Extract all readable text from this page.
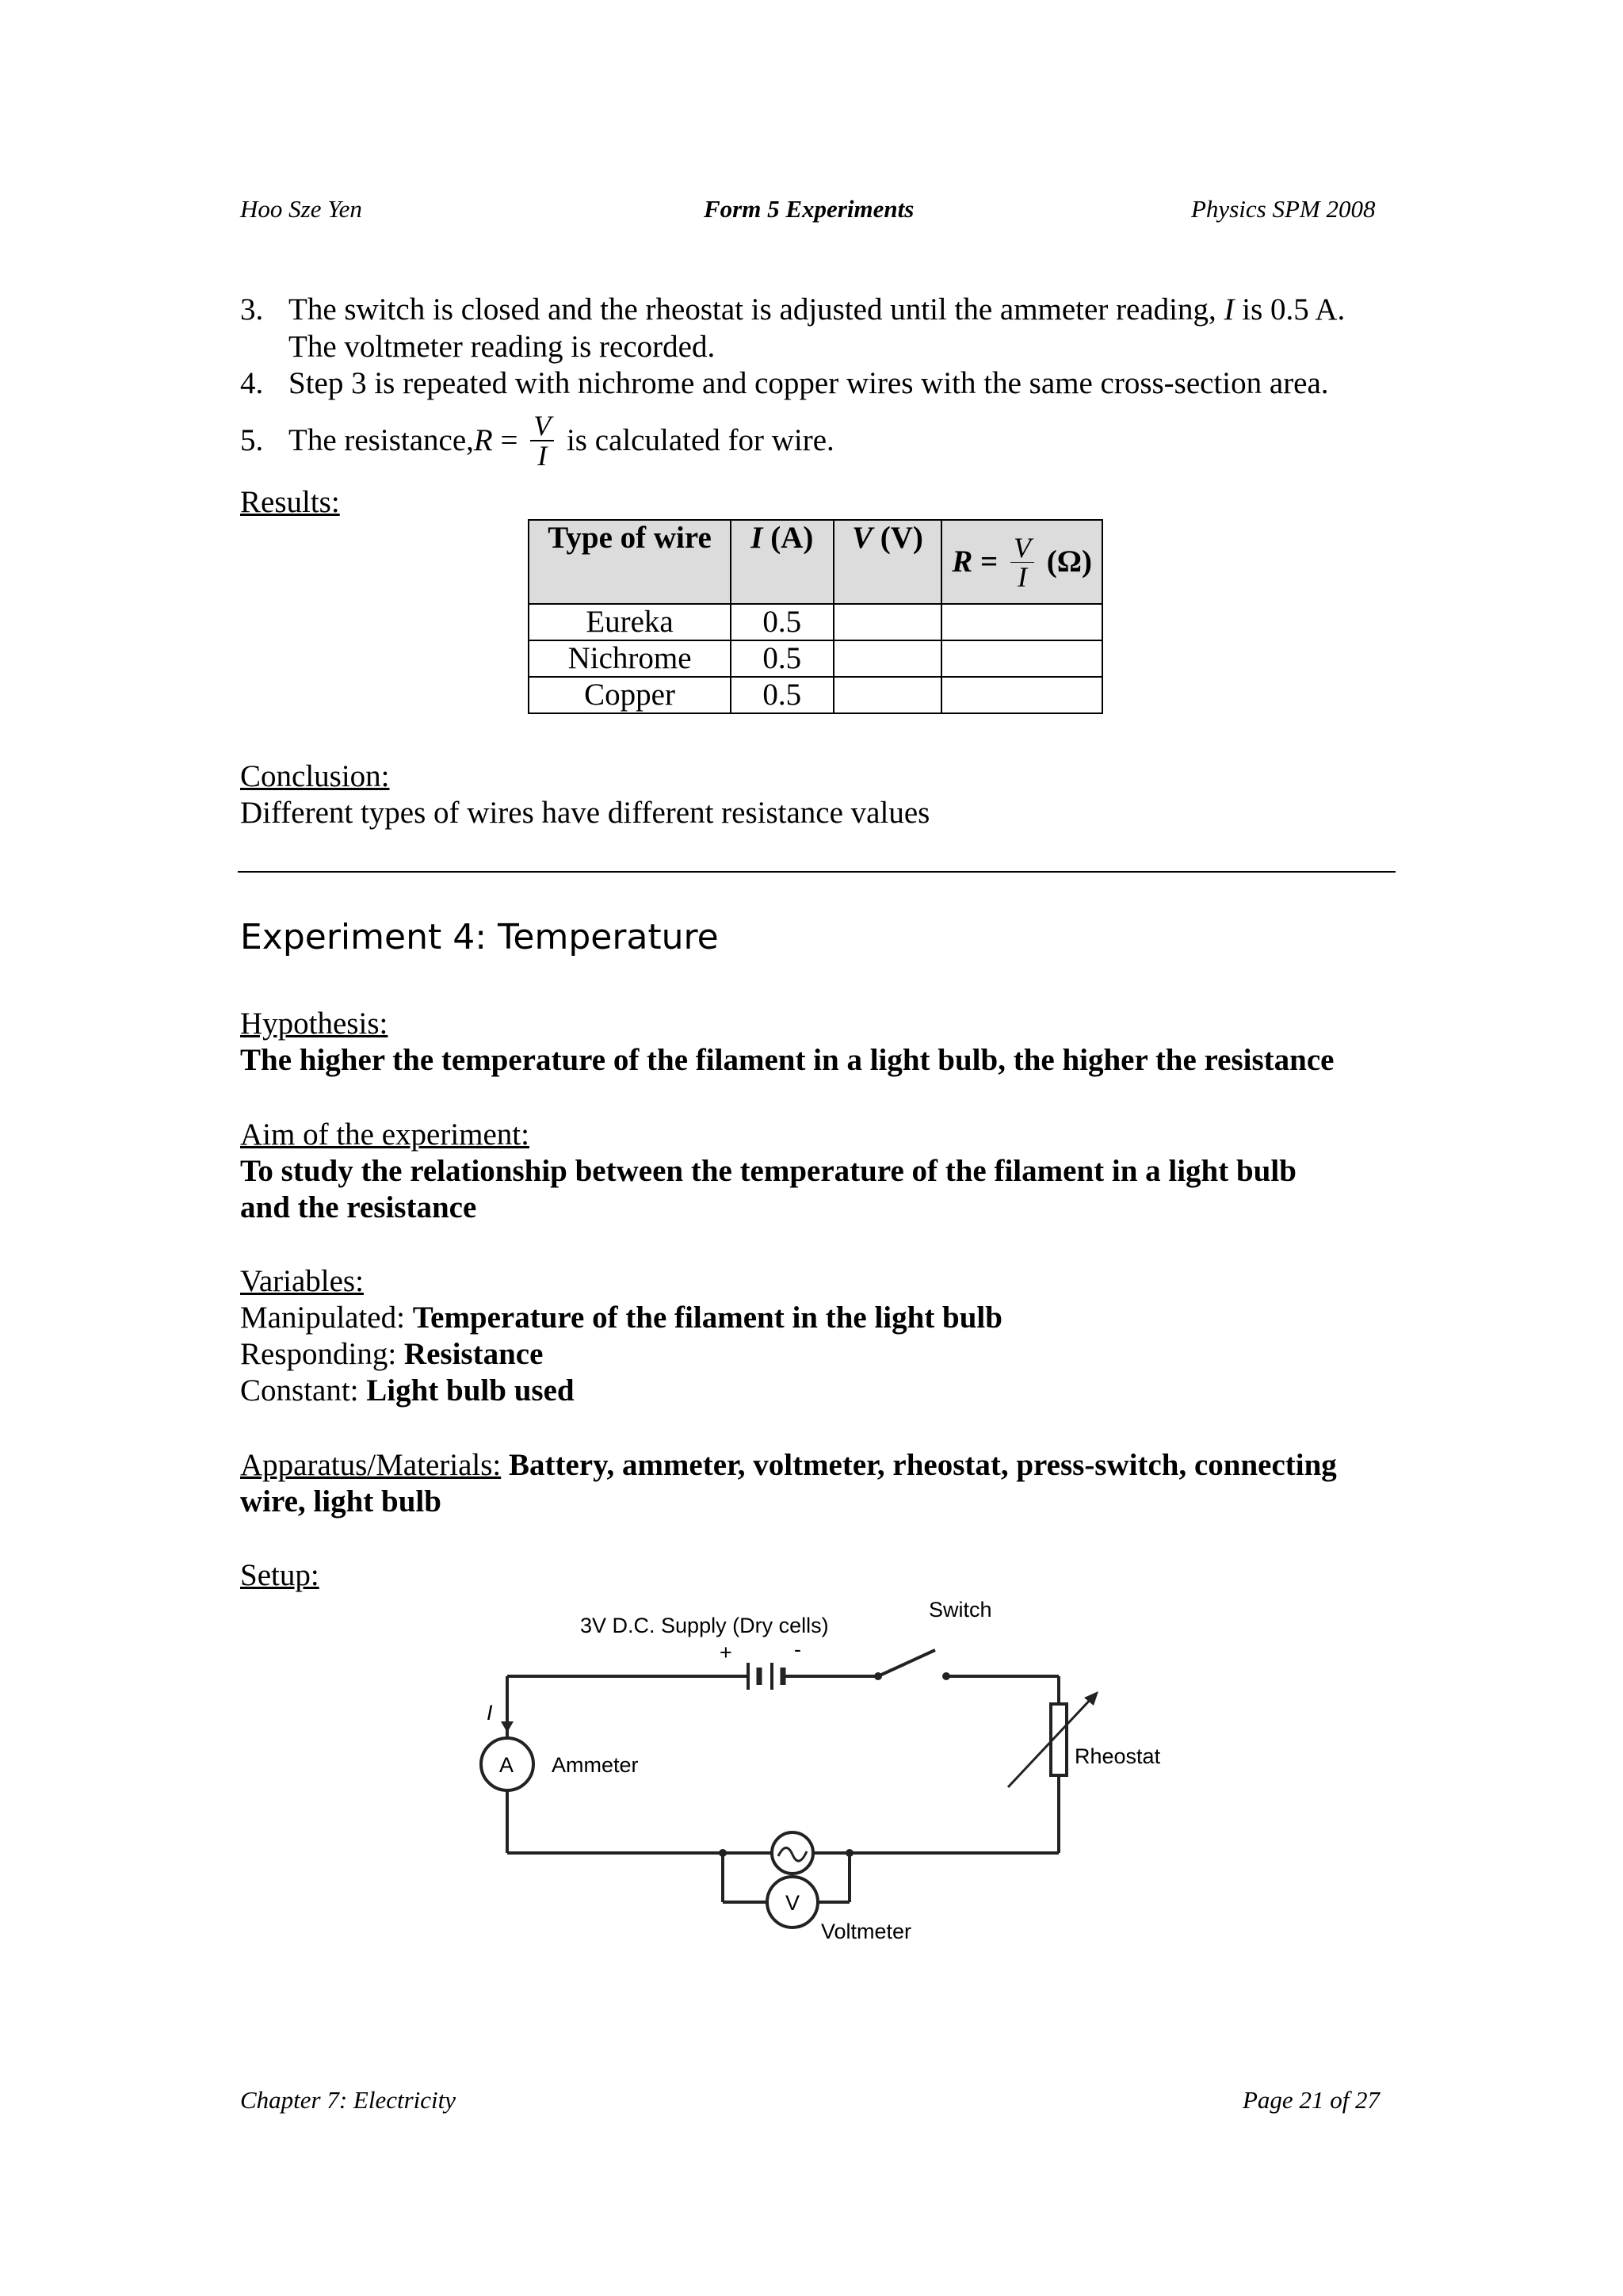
Hoo Sze Yen	Form 5 Experiments	Physics SPM 2008
3. The switch is closed and the rheostat is adjusted until the ammeter reading, I is 0.5 A.
The voltmeter reading is recorded.
4. Step 3 is repeated with nichrome and copper wires with the same cross-section area.
5. The resistance, $R = \frac{V}{I}$ is calculated for wire.
Results:
Type of wire	I (A)	V (V)	$R = \frac{V}{I} (\Omega)$

Eureka	0.5		
Nichrome	0.5		
Copper	0.5		
Conclusion:
Different types of wires have different resistance values
Experiment 4: Temperature
Hypothesis:
The higher the temperature of the filament in a light bulb, the higher the resistance
Aim of the experiment:
To study the relationship between the temperature of the filament in a light bulb
and the resistance
Variables:
Manipulated: Temperature of the filament in the light bulb
Responding: Resistance
Constant: Light bulb used
Apparatus/Materials: Battery, ammeter, voltmeter, rheostat, press-switch, connecting
wire, light bulb
Setup:
3V D.C. Supply (Dry cells)
+	-
Switch
I
A Ammeter	Rheostat
V
Voltmeter
Chapter 7: Electricity	Page 21 of 27
